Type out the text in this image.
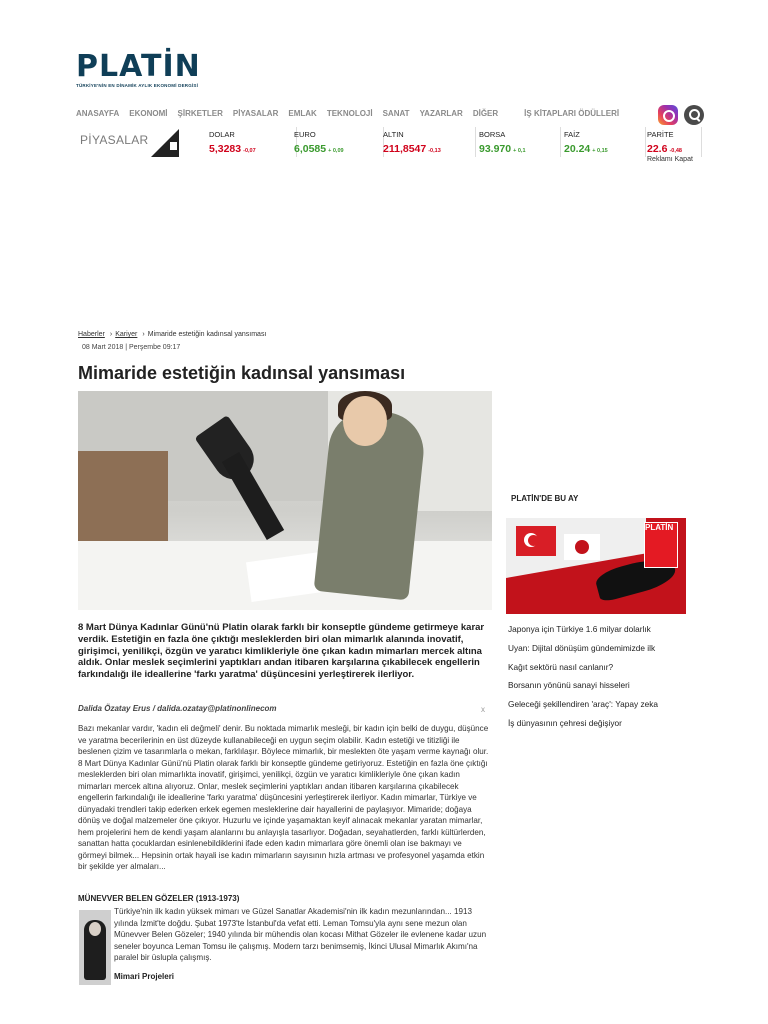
PLATİN
TÜRKİYE'NİN EN DİNAMİK AYLIK EKONOMİ DERGİSİ
ANASAYFA EKONOMİ ŞİRKETLER PİYASALAR EMLAK TEKNOLOJİ SANAT YAZARLAR DİĞER	İŞ KİTAPLARI ÖDÜLLERİ
PİYASALAR	DOLAR
5,3283 -0,07
EURO
6,0585 + 0,09
ALTIN
211,8547 -0,13
BORSA
93.970 + 0,1
FAİZ
20.24 + 0,15
PARİTE
22.6 -0,48
Reklamı Kapat
Haberler › Kariyer › Mimaride estetiğin kadınsal yansıması
08 Mart 2018 | Perşembe 09:17
Mimaride estetiğin kadınsal yansıması

8 Mart Dünya Kadınlar Günü'nü Platin olarak farklı bir konseptle gündeme getirmeye karar verdik. Estetiğin en fazla öne çıktığı mesleklerden biri olan mimarlık alanında inovatif, girişimci, yenilikçi, özgün ve yaratıcı kimlikleriyle öne çıkan kadın mimarları mercek altına aldık. Onlar meslek seçimlerini yaptıkları andan itibaren karşılarına çıkabilecek engellerin farkındalığı ile ideallerine 'farkı yaratma' düşüncesini yerleştirerek ilerliyor.

Dalida Özatay Erus / dalida.ozatay@platinonlinecom	x

Bazı mekanlar vardır, 'kadın eli değmeli' denir. Bu noktada mimarlık mesleği, bir kadın için belki de duygu, düşünce ve yaratma becerilerinin en üst düzeyde kullanabileceği en uygun seçim olabilir. Kadın estetiği ve titizliği ile beslenen çizim ve tasarımlarla o mekan, farklılaşır. Böylece mimarlık, bir meslekten öte yaşam verme kaynağı olur. 8 Mart Dünya Kadınlar Günü'nü Platin olarak farklı bir konseptle gündeme getiriyoruz. Estetiğin en fazla öne çıktığı mesleklerden biri olan mimarlıkta inovatif, girişimci, yenilikçi, özgün ve yaratıcı kimlikleriyle öne çıkan kadın mimarları mercek altına alıyoruz. Onlar, meslek seçimlerini yaptıkları andan itibaren karşılarına çıkabilecek engellerin farkındalığı ile ideallerine 'farkı yaratma' düşüncesini yerleştirerek ilerliyor. Kadın mimarlar, Türkiye ve dünyadaki trendleri takip ederken erkek egemen mesleklerine dair hayallerini de paylaşıyor. Mimaride; doğaya dönüş ve doğal malzemeler öne çıkıyor. Huzurlu ve içinde yaşamaktan keyif alınacak mekanlar yaratan mimarlar, hem projelerini hem de kendi yaşam alanlarını bu anlayışla tasarlıyor. Doğadan, seyahatlerden, farklı kültürlerden, sanattan hatta çocuklardan esinlenebildiklerini ifade eden kadın mimarlara göre önemli olan ise bakmayı ve görmeyi bilmek... Hepsinin ortak hayali ise kadın mimarların sayısının hızla artması ve profesyonel yaşamda etkin bir şekilde yer almaları...

MÜNEVVER BELEN GÖZELER (1913-1973)

Türkiye'nin ilk kadın yüksek mimarı ve Güzel Sanatlar Akademisi'nin ilk kadın mezunlarından... 1913 yılında İzmit'te doğdu. Şubat 1973'te İstanbul'da vefat etti. Leman Tomsu'yla aynı sene mezun olan Münevver Belen Gözeler; 1940 yılında bir mühendis olan kocası Mithat Gözeler ile evlenene kadar uzun seneler boyunca Leman Tomsu ile çalışmış. Modern tarzı benimsemiş, İkinci Ulusal Mimarlık Akımı'na paralel bir üslupla çalışmış.

Mimari Projeleri
PLATİN'DE BU AY
PLATİN
Japonya için Türkiye 1.6 milyar dolarlık
Uyan: Dijital dönüşüm gündemimizde ilk
Kağıt sektörü nasıl canlanır?
Borsanın yönünü sanayi hisseleri
Geleceği şekillendiren 'araç': Yapay zeka
İş dünyasının çehresi değişiyor
